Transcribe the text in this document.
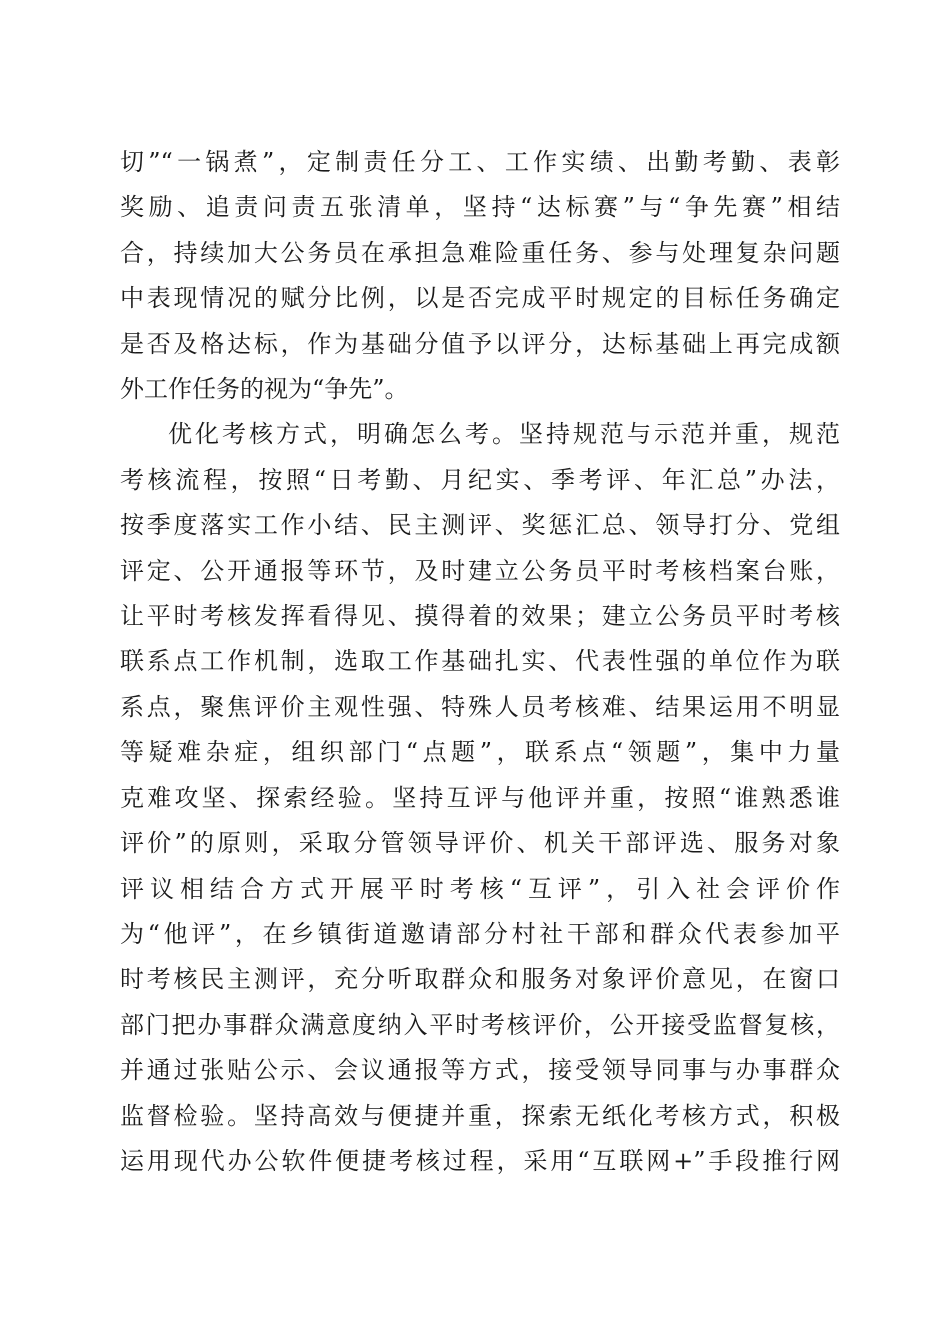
切”“一锅煮”，定制责任分工、工作实绩、出勤考勤、表彰
奖励、追责问责五张清单，坚持“达标赛”与“争先赛”相结
合，持续加大公务员在承担急难险重任务、参与处理复杂问题
中表现情况的赋分比例，以是否完成平时规定的目标任务确定
是否及格达标，作为基础分值予以评分，达标基础上再完成额
外工作任务的视为“争先”。
优化考核方式，明确怎么考。坚持规范与示范并重，规范
考核流程，按照“日考勤、月纪实、季考评、年汇总”办法，
按季度落实工作小结、民主测评、奖惩汇总、领导打分、党组
评定、公开通报等环节，及时建立公务员平时考核档案台账，
让平时考核发挥看得见、摸得着的效果；建立公务员平时考核
联系点工作机制，选取工作基础扎实、代表性强的单位作为联
系点，聚焦评价主观性强、特殊人员考核难、结果运用不明显
等疑难杂症，组织部门“点题”，联系点“领题”，集中力量
克难攻坚、探索经验。坚持互评与他评并重，按照“谁熟悉谁
评价”的原则，采取分管领导评价、机关干部评选、服务对象
评议相结合方式开展平时考核“互评”，引入社会评价作
为“他评”，在乡镇街道邀请部分村社干部和群众代表参加平
时考核民主测评，充分听取群众和服务对象评价意见，在窗口
部门把办事群众满意度纳入平时考核评价，公开接受监督复核，
并通过张贴公示、会议通报等方式，接受领导同事与办事群众
监督检验。坚持高效与便捷并重，探索无纸化考核方式，积极
运用现代办公软件便捷考核过程，采用“互联网+”手段推行网
